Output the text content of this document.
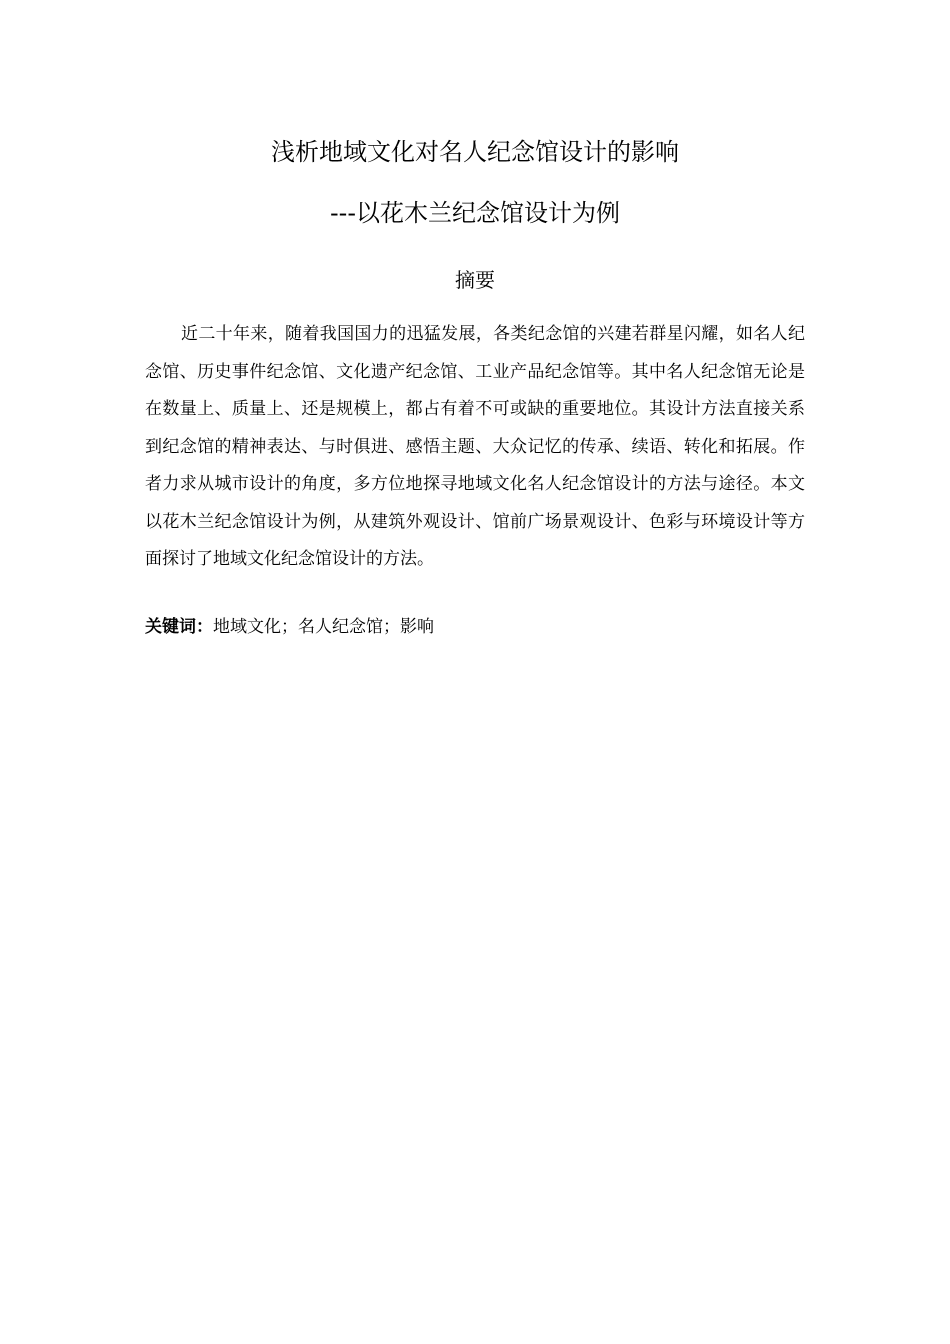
浅析地域文化对名人纪念馆设计的影响
---以花木兰纪念馆设计为例
摘要

近二十年来，随着我国国力的迅猛发展，各类纪念馆的兴建若群星闪耀，如名人纪念馆、历史事件纪念馆、文化遗产纪念馆、工业产品纪念馆等。其中名人纪念馆无论是在数量上、质量上、还是规模上，都占有着不可或缺的重要地位。其设计方法直接关系到纪念馆的精神表达、与时俱进、感悟主题、大众记忆的传承、续语、转化和拓展。作者力求从城市设计的角度，多方位地探寻地域文化名人纪念馆设计的方法与途径。本文以花木兰纪念馆设计为例，从建筑外观设计、馆前广场景观设计、色彩与环境设计等方面探讨了地域文化纪念馆设计的方法。

关键词：地域文化；名人纪念馆；影响
